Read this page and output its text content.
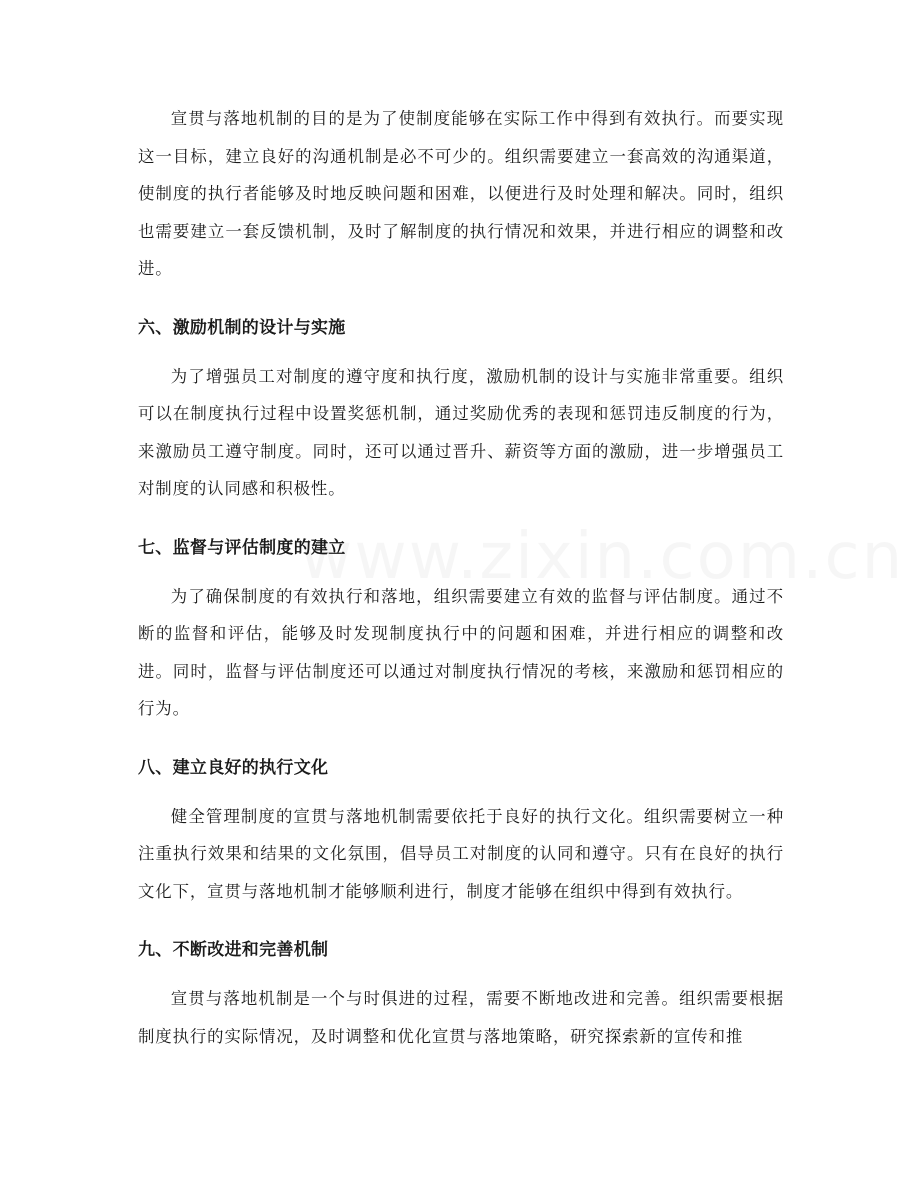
宣贯与落地机制的目的是为了使制度能够在实际工作中得到有效执行。而要实现这一目标，建立良好的沟通机制是必不可少的。组织需要建立一套高效的沟通渠道，使制度的执行者能够及时地反映问题和困难，以便进行及时处理和解决。同时，组织也需要建立一套反馈机制，及时了解制度的执行情况和效果，并进行相应的调整和改进。

六、激励机制的设计与实施

为了增强员工对制度的遵守度和执行度，激励机制的设计与实施非常重要。组织可以在制度执行过程中设置奖惩机制，通过奖励优秀的表现和惩罚违反制度的行为，来激励员工遵守制度。同时，还可以通过晋升、薪资等方面的激励，进一步增强员工对制度的认同感和积极性。

七、监督与评估制度的建立

为了确保制度的有效执行和落地，组织需要建立有效的监督与评估制度。通过不断的监督和评估，能够及时发现制度执行中的问题和困难，并进行相应的调整和改进。同时，监督与评估制度还可以通过对制度执行情况的考核，来激励和惩罚相应的行为。

八、建立良好的执行文化

健全管理制度的宣贯与落地机制需要依托于良好的执行文化。组织需要树立一种注重执行效果和结果的文化氛围，倡导员工对制度的认同和遵守。只有在良好的执行文化下，宣贯与落地机制才能够顺利进行，制度才能够在组织中得到有效执行。

九、不断改进和完善机制

宣贯与落地机制是一个与时俱进的过程，需要不断地改进和完善。组织需要根据制度执行的实际情况，及时调整和优化宣贯与落地策略，研究探索新的宣传和推
